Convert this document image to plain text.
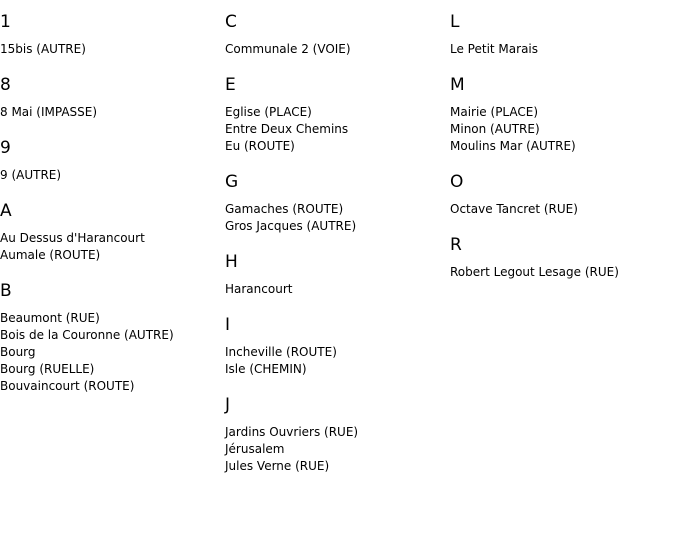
1
15bis (AUTRE)
8
8 Mai (IMPASSE)
9
9 (AUTRE)
A
Au Dessus d'Harancourt
Aumale (ROUTE)
B
Beaumont (RUE)
Bois de la Couronne (AUTRE)
Bourg
Bourg (RUELLE)
Bouvaincourt (ROUTE)
C
Communale 2 (VOIE)
E
Eglise (PLACE)
Entre Deux Chemins
Eu (ROUTE)
G
Gamaches (ROUTE)
Gros Jacques (AUTRE)
H
Harancourt
I
Incheville (ROUTE)
Isle (CHEMIN)
J
Jardins Ouvriers (RUE)
Jérusalem
Jules Verne (RUE)
L
Le Petit Marais
M
Mairie (PLACE)
Minon (AUTRE)
Moulins Mar (AUTRE)
O
Octave Tancret (RUE)
R
Robert Legout Lesage (RUE)
